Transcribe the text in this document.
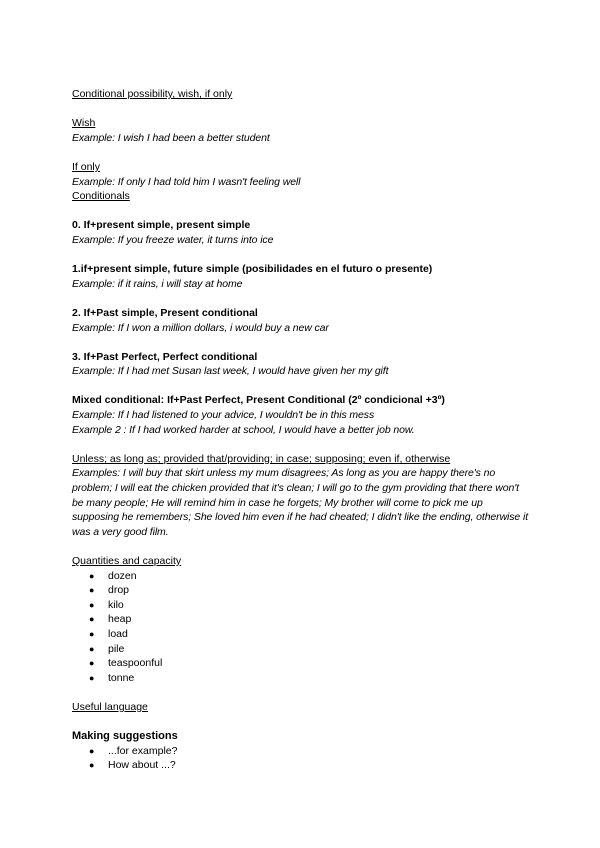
Conditional possibility, wish, if only
Wish
Example: I wish I had been a better student
If only
Example: If only I had told him I wasn't feeling well
Conditionals
0. If+present simple, present simple
Example: If you freeze water, it turns into ice
1.if+present simple, future simple (posibilidades en el futuro o presente)
Example: if it rains, i will stay at home
2. If+Past simple, Present conditional
Example: If I won a million dollars, i would buy a new car
3. If+Past Perfect, Perfect conditional
Example: If I had met Susan last week, I would have given her my gift
Mixed conditional: If+Past Perfect, Present Conditional (2º condicional +3º)
Example: If I had listened to your advice, I wouldn't be in this mess
Example 2 : If I had worked harder at school, I would have a better job now.
Unless; as long as; provided that/providing; in case; supposing; even if, otherwise
Examples: I will buy that skirt unless my mum disagrees; As long as you are happy there's no problem; I will eat the chicken provided that it's clean; I will go to the gym providing that there won't be many people; He will remind him in case he forgets; My brother will come to pick me up supposing he remembers; She loved him even if he had cheated; I didn't like the ending, otherwise it was a very good film.
Quantities and capacity
● dozen
● drop
● kilo
● heap
● load
● pile
● teaspoonful
● tonne
Useful language
Making suggestions
● ...for example?
● How about ...?
